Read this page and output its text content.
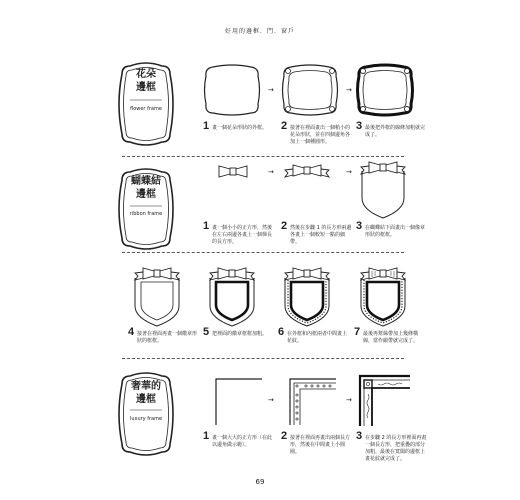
好用的邊框．門．窗戶
花朵
邊框
flower frame
→	→
1 畫一個花朵形狀的外框。	2 接著在裡面畫出一個稍小的花朵形狀，並在四個邊角各加上一個種圓形。
3 最後把外框的線條加粗就完成了。
蝴蝶結
邊框
ribbon frame
→	→
1 畫一個小小的正方形，然後在左右兩邊各畫上一個梯長的長方形。
2 然後在步驟 1 的長方形兩邊各畫上一個較短一點的細帶。
3 在蝴蝶結下面畫出一個像章形狀的框框。
4 接著在裡面再畫一個徽章形狀的框框。
5 把裡面的徽章框框加粗。 6 在外框和內框兩者中間畫上花紋。
7 最後再幫絲帶加上幾條橫線，當作緞帶就完成了。
奢華的
邊框
luxury frame
→	→
1 畫一個大大的正方形（在此以邊角做示範）。
2 接著在裡面再畫出兩個長方形，然後在中間畫上小圓圈。
3 在步驟 2 的長方形裡面再畫一個長方形，把重疊的部分加粗。最後在寬闊的邊框上畫花紋就完成了。
69
